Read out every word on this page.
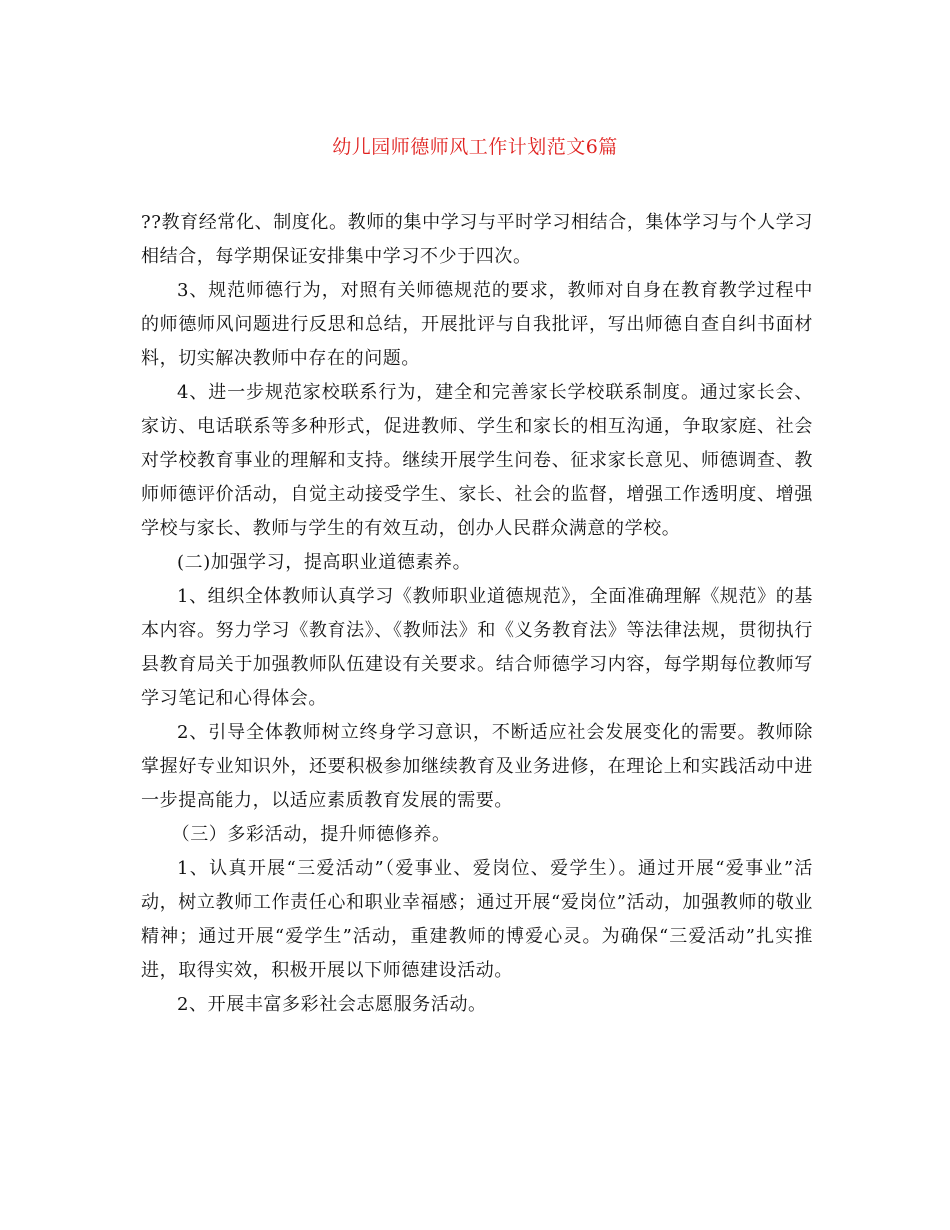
幼儿园师德师风工作计划范文6篇

??教育经常化、制度化。教师的集中学习与平时学习相结合，集体学习与个人学习相结合，每学期保证安排集中学习不少于四次。

3、规范师德行为，对照有关师德规范的要求，教师对自身在教育教学过程中的师德师风问题进行反思和总结，开展批评与自我批评，写出师德自查自纠书面材料，切实解决教师中存在的问题。

4、进一步规范家校联系行为，建全和完善家长学校联系制度。通过家长会、家访、电话联系等多种形式，促进教师、学生和家长的相互沟通，争取家庭、社会对学校教育事业的理解和支持。继续开展学生问卷、征求家长意见、师德调查、教师师德评价活动，自觉主动接受学生、家长、社会的监督，增强工作透明度、增强学校与家长、教师与学生的有效互动，创办人民群众满意的学校。

(二)加强学习，提高职业道德素养。

1、组织全体教师认真学习《教师职业道德规范》，全面准确理解《规范》的基本内容。努力学习《教育法》、《教师法》和《义务教育法》等法律法规，贯彻执行县教育局关于加强教师队伍建设有关要求。结合师德学习内容，每学期每位教师写学习笔记和心得体会。

2、引导全体教师树立终身学习意识，不断适应社会发展变化的需要。教师除掌握好专业知识外，还要积极参加继续教育及业务进修，在理论上和实践活动中进一步提高能力，以适应素质教育发展的需要。

（三）多彩活动，提升师德修养。

1、认真开展“三爱活动”（爱事业、爱岗位、爱学生）。通过开展“爱事业”活动，树立教师工作责任心和职业幸福感；通过开展“爱岗位”活动，加强教师的敬业精神；通过开展“爱学生”活动，重建教师的博爱心灵。为确保“三爱活动”扎实推进，取得实效，积极开展以下师德建设活动。

2、开展丰富多彩社会志愿服务活动。
